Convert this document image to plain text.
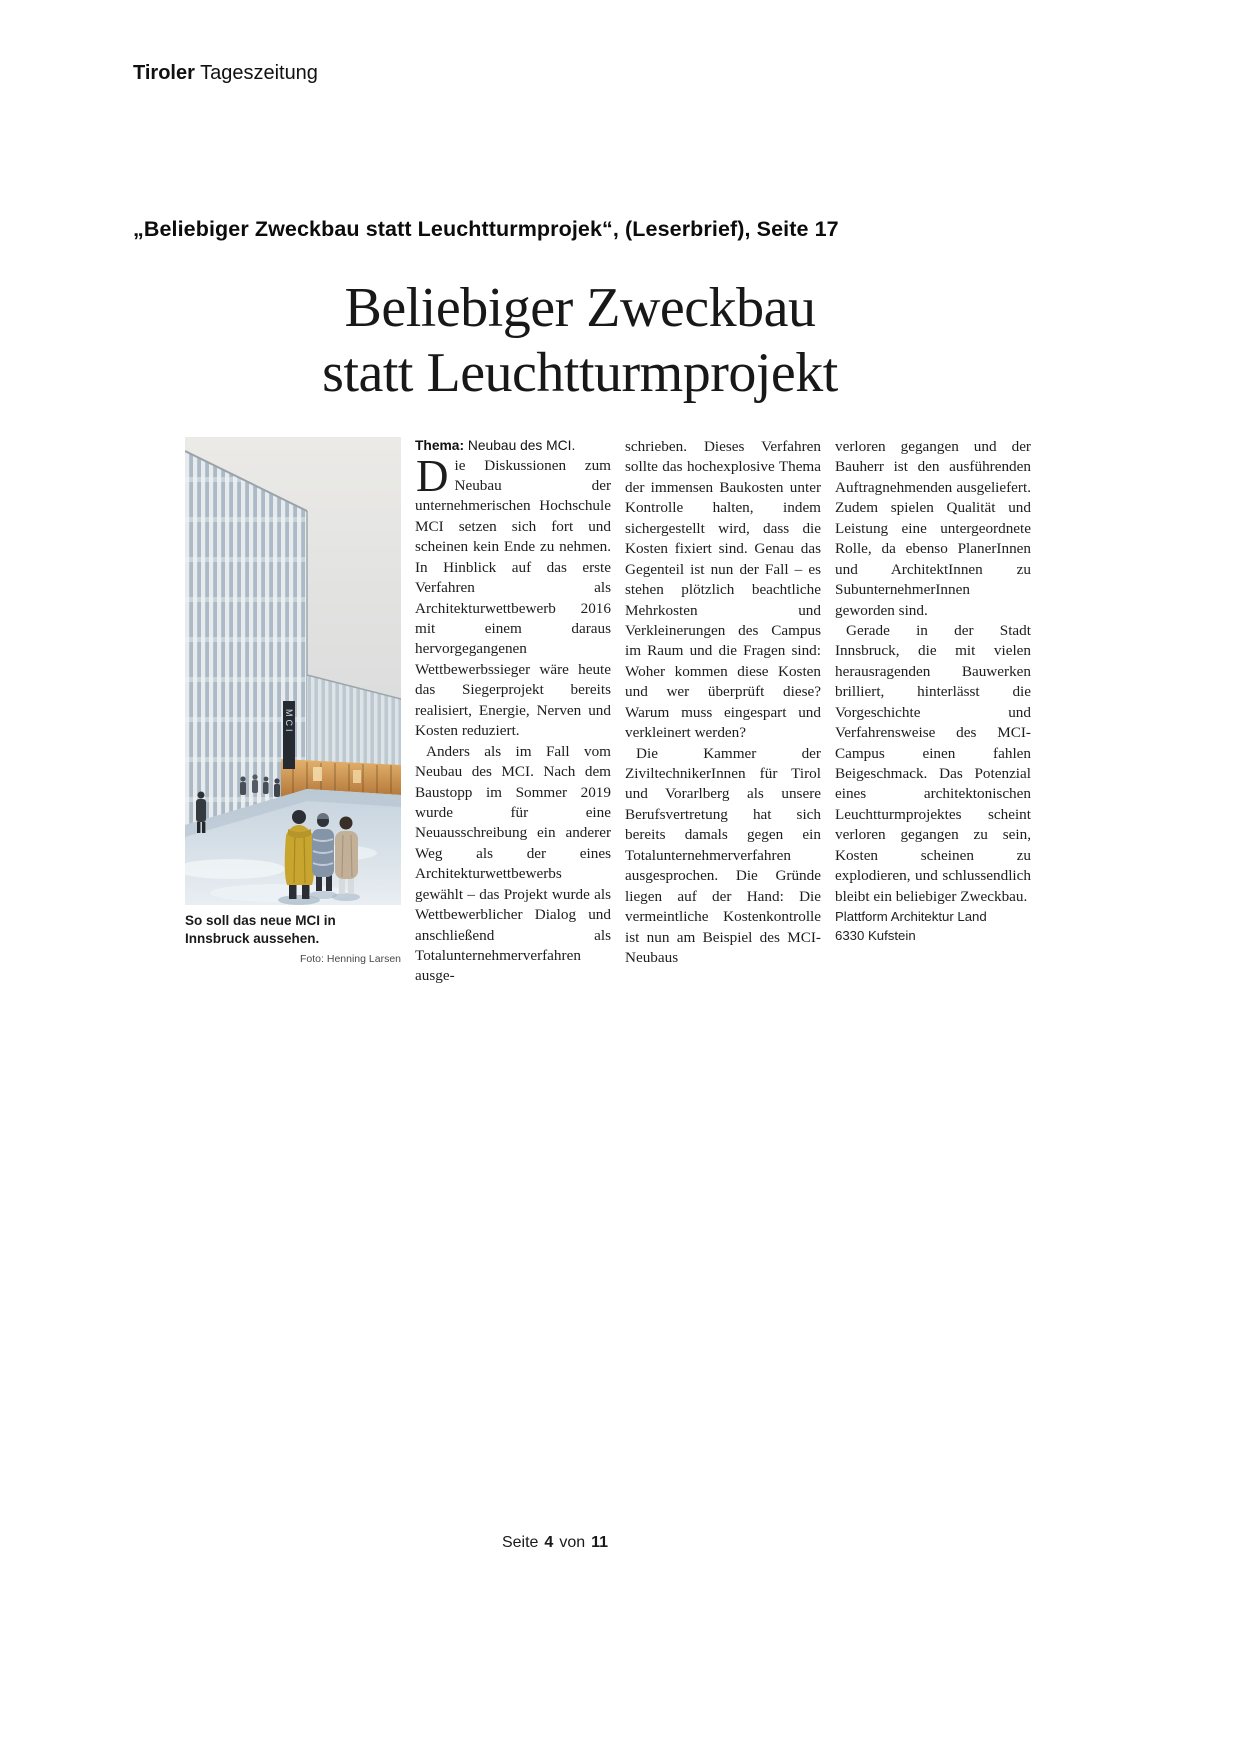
Tiroler Tageszeitung
„Beliebiger Zweckbau statt Leuchtturmprojek“, (Leserbrief), Seite 17
Beliebiger Zweckbau
statt Leuchtturmprojekt
MCI
So soll das neue MCI in Innsbruck aussehen.
Foto: Henning Larsen

Thema: Neubau des MCI.

Die Diskussionen zum Neubau der unternehmerischen Hochschule MCI setzen sich fort und scheinen kein Ende zu nehmen. In Hinblick auf das erste Verfahren als Architekturwettbewerb 2016 mit einem daraus hervorgegangenen Wettbewerbssieger wäre heute das Siegerprojekt bereits realisiert, Energie, Nerven und Kosten reduziert.

Anders als im Fall vom Neubau des MCI. Nach dem Baustopp im Sommer 2019 wurde für eine Neuausschreibung ein anderer Weg als der eines Architekturwettbewerbs gewählt – das Projekt wurde als Wettbewerblicher Dialog und anschließend als Totalunternehmerverfahren ausge-

schrieben. Dieses Verfahren sollte das hochexplosive Thema der immensen Baukosten unter Kontrolle halten, indem sichergestellt wird, dass die Kosten fixiert sind. Genau das Gegenteil ist nun der Fall – es stehen plötzlich beachtliche Mehrkosten und Verkleinerungen des Campus im Raum und die Fragen sind: Woher kommen diese Kosten und wer überprüft diese? Warum muss eingespart und verkleinert werden?

Die Kammer der ZiviltechnikerInnen für Tirol und Vorarlberg als unsere Berufsvertretung hat sich bereits damals gegen ein Totalunternehmerverfahren ausgesprochen. Die Gründe liegen auf der Hand: Die vermeintliche Kostenkontrolle ist nun am Beispiel des MCI-Neubaus

verloren gegangen und der Bauherr ist den ausführenden Auftragnehmenden ausgeliefert. Zudem spielen Qualität und Leistung eine untergeordnete Rolle, da ebenso PlanerInnen und ArchitektInnen zu SubunternehmerInnen geworden sind.

Gerade in der Stadt Innsbruck, die mit vielen herausragenden Bauwerken brilliert, hinterlässt die Vorgeschichte und Verfahrensweise des MCI-Campus einen fahlen Beigeschmack. Das Potenzial eines architektonischen Leuchtturmprojektes scheint verloren gegangen zu sein, Kosten scheinen zu explodieren, und schlussendlich bleibt ein beliebiger Zweckbau.

Plattform Architektur Land
6330 Kufstein

Seite 4 von 11
